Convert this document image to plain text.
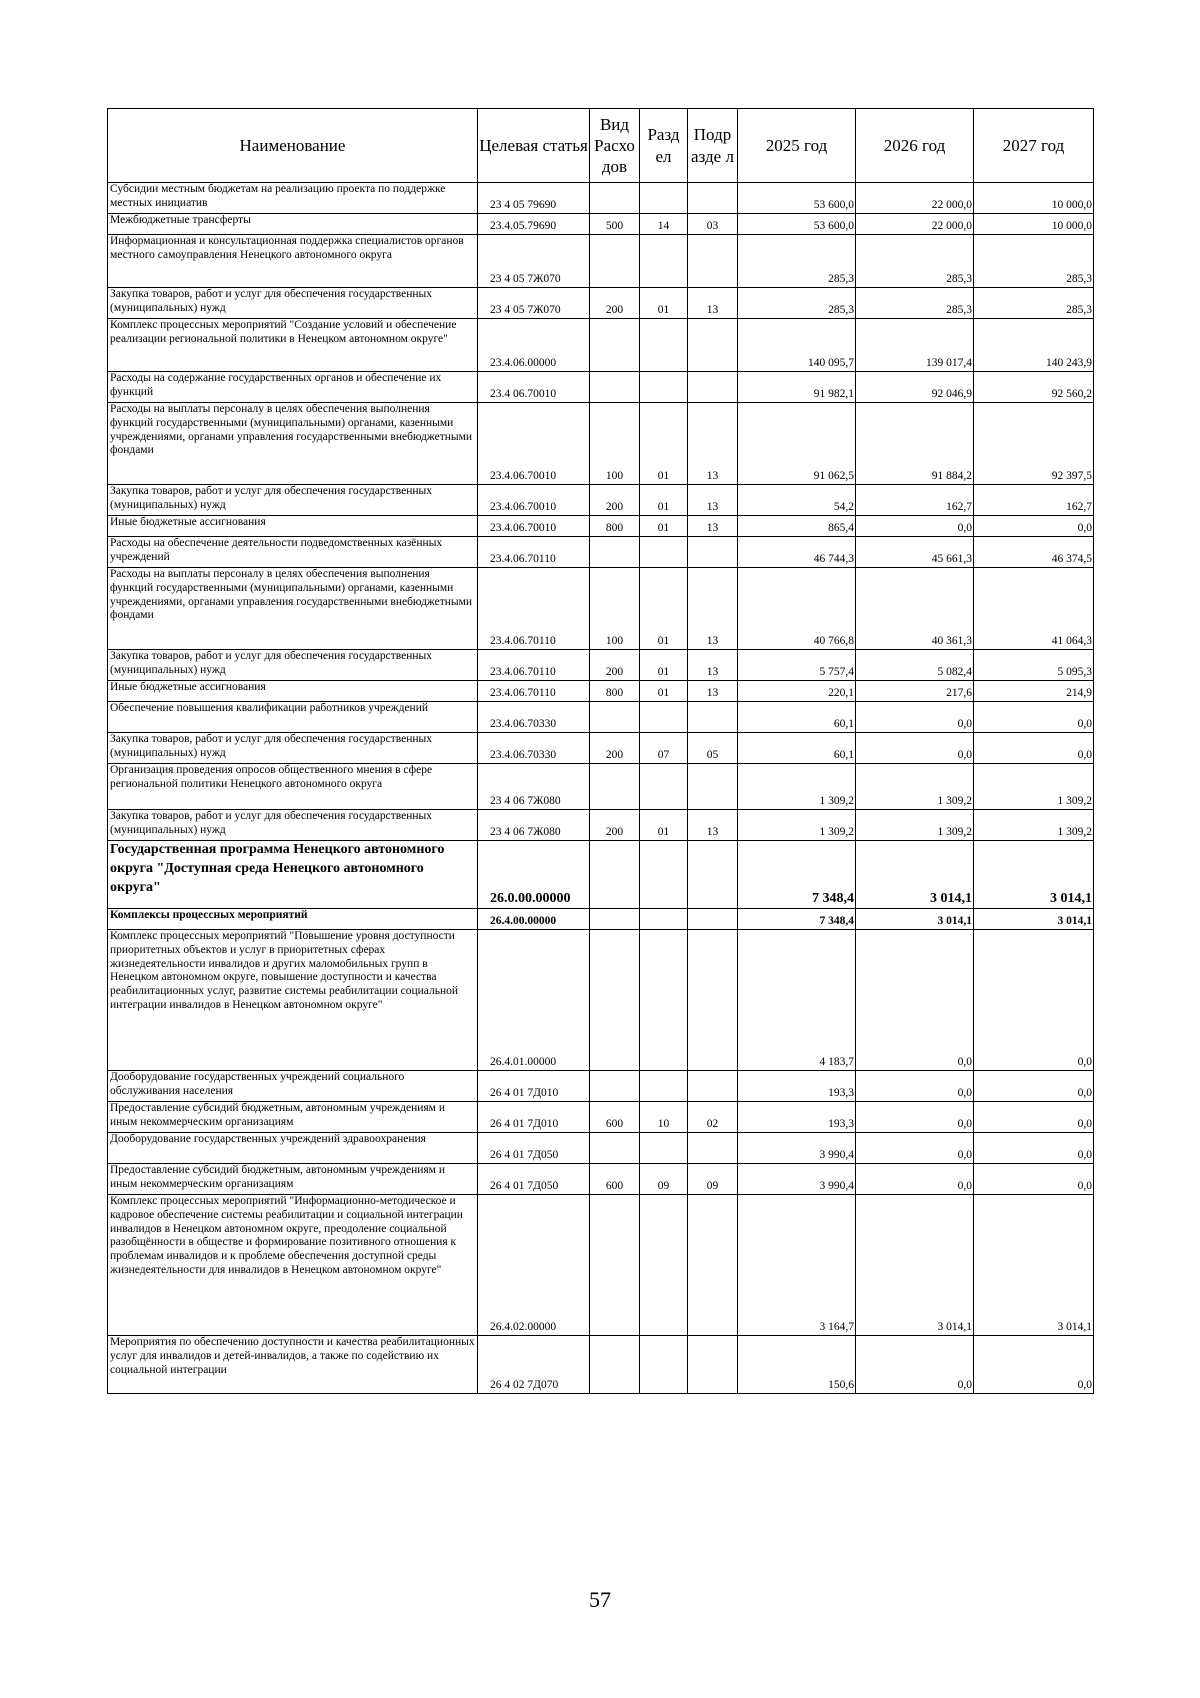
Наименование	Целевая статья	Вид Расхо дов	Разд ел	Подр азде л	2025 год	2026 год	2027 год
Субсидии местным бюджетам на реализацию проекта по поддержке местных инициатив	23 4 05 79690				53 600,0	22 000,0	10 000,0
Межбюджетные трансферты	23.4.05.79690	500	14	03	53 600,0	22 000,0	10 000,0
Информационная и консультационная поддержка специалистов органов местного самоуправления Ненецкого автономного округа	23 4 05 7Ж070				285,3	285,3	285,3
Закупка товаров, работ и услуг для обеспечения государственных (муниципальных) нужд	23 4 05 7Ж070	200	01	13	285,3	285,3	285,3
Комплекс процессных мероприятий "Создание условий и обеспечение реализации региональной политики в Ненецком автономном округе"	23.4.06.00000				140 095,7	139 017,4	140 243,9
Расходы на содержание государственных органов и обеспечение их функций	23.4 06.70010				91 982,1	92 046,9	92 560,2
Расходы на выплаты персоналу в целях обеспечения выполнения функций государственными (муниципальными) органами, казенными учреждениями, органами управления государственными внебюджетными фондами	23.4.06.70010	100	01	13	91 062,5	91 884,2	92 397,5
Закупка товаров, работ и услуг для обеспечения государственных (муниципальных) нужд	23.4.06.70010	200	01	13	54,2	162,7	162,7
Иные бюджетные ассигнования	23.4.06.70010	800	01	13	865,4	0,0	0,0
Расходы на обеспечение деятельности подведомственных казённых учреждений	23.4.06.70110				46 744,3	45 661,3	46 374,5
Расходы на выплаты персоналу в целях обеспечения выполнения функций государственными (муниципальными) органами, казенными учреждениями, органами управления государственными внебюджетными фондами	23.4.06.70110	100	01	13	40 766,8	40 361,3	41 064,3
Закупка товаров, работ и услуг для обеспечения государственных (муниципальных) нужд	23.4.06.70110	200	01	13	5 757,4	5 082,4	5 095,3
Иные бюджетные ассигнования	23.4.06.70110	800	01	13	220,1	217,6	214,9
Обеспечение повышения квалификации работников учреждений	23.4.06.70330				60,1	0,0	0,0
Закупка товаров, работ и услуг для обеспечения государственных (муниципальных) нужд	23.4.06.70330	200	07	05	60,1	0,0	0,0
Организация проведения опросов общественного мнения в сфере региональной политики Ненецкого автономного округа	23 4 06 7Ж080				1 309,2	1 309,2	1 309,2
Закупка товаров, работ и услуг для обеспечения государственных (муниципальных) нужд	23 4 06 7Ж080	200	01	13	1 309,2	1 309,2	1 309,2
Государственная программа Ненецкого автономного округа "Доступная среда Ненецкого автономного округа"	26.0.00.00000				7 348,4	3 014,1	3 014,1
Комплексы процессных мероприятий	26.4.00.00000				7 348,4	3 014,1	3 014,1
Комплекс процессных мероприятий "Повышение уровня доступности приоритетных объектов и услуг в приоритетных сферах жизнедеятельности инвалидов и других маломобильных групп в Ненецком автономном округе, повышение доступности и качества реабилитационных услуг, развитие системы реабилитации социальной интеграции инвалидов в Ненецком автономном округе"	26.4.01.00000				4 183,7	0,0	0,0
Дооборудование государственных учреждений социального обслуживания населения	26 4 01 7Д010				193,3	0,0	0,0
Предоставление субсидий бюджетным, автономным учреждениям и иным некоммерческим организациям	26 4 01 7Д010	600	10	02	193,3	0,0	0,0
Дооборудование государственных учреждений здравоохранения	26 4 01 7Д050				3 990,4	0,0	0,0
Предоставление субсидий бюджетным, автономным учреждениям и иным некоммерческим организациям	26 4 01 7Д050	600	09	09	3 990,4	0,0	0,0
Комплекс процессных мероприятий "Информационно-методическое и кадровое обеспечение системы реабилитации и социальной интеграции инвалидов в Ненецком автономном округе, преодоление социальной разобщённости в обществе и формирование позитивного отношения к проблемам инвалидов и к проблеме обеспечения доступной среды жизнедеятельности для инвалидов в Ненецком автономном округе"	26.4.02.00000				3 164,7	3 014,1	3 014,1
Мероприятия по обеспечению доступности и качества реабилитационных услуг для инвалидов и детей-инвалидов, а также по содействию их социальной интеграции	26 4 02 7Д070				150,6	0,0	0,0
57
